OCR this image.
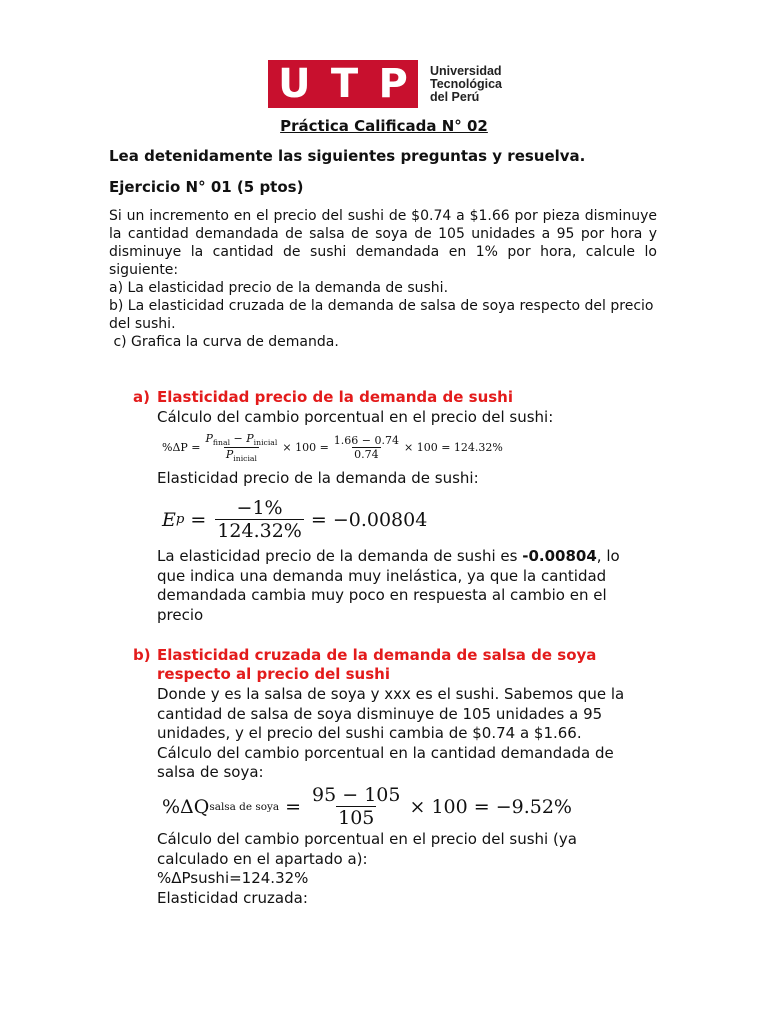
U T P Universidad
Tecnológica
del Perú
Práctica Calificada N° 02
Lea detenidamente las siguientes preguntas y resuelva.
Ejercicio N° 01 (5 ptos)

Si un incremento en el precio del sushi de $0.74 a $1.66 por pieza disminuye la cantidad demandada de salsa de soya de 105 unidades a 95 por hora y disminuye la cantidad de sushi demandada en 1% por hora, calcule lo siguiente:

a) La elasticidad precio de la demanda de sushi.

b) La elasticidad cruzada de la demanda de salsa de soya respecto del precio del sushi.

c) Grafica la curva de demanda.

a) Elasticidad precio de la demanda de sushi
Cálculo del cambio porcentual en el precio del sushi:
$\%\Delta P = \frac{P_{final} - P_{inicial}}{P_{inicial}} \times 100 = \frac{1.66 - 0.74}{0.74} \times 100 = 124.32\%$
Elasticidad precio de la demanda de sushi:
E $p = \frac{-1\%}{124.32\%} = -0.00804$

La elasticidad precio de la demanda de sushi es -0.00804, lo que indica una demanda muy inelástica, ya que la cantidad demandada cambia muy poco en respuesta al cambio en el precio

b) Elasticidad cruzada de la demanda de salsa de soya
respecto al precio del sushi

Donde y es la salsa de soya y xxx es el sushi. Sabemos que la cantidad de salsa de soya disminuye de 105 unidades a 95 unidades, y el precio del sushi cambia de $0.74 a $1.66.

Cálculo del cambio porcentual en la cantidad demandada de salsa de soya:

%ΔQ salsa de soya = $\frac{95 - 105}{105} \times 100 = -9.52\%$

Cálculo del cambio porcentual en el precio del sushi (ya calculado en el apartado a):

%ΔPsushi=124.32%

Elasticidad cruzada:
